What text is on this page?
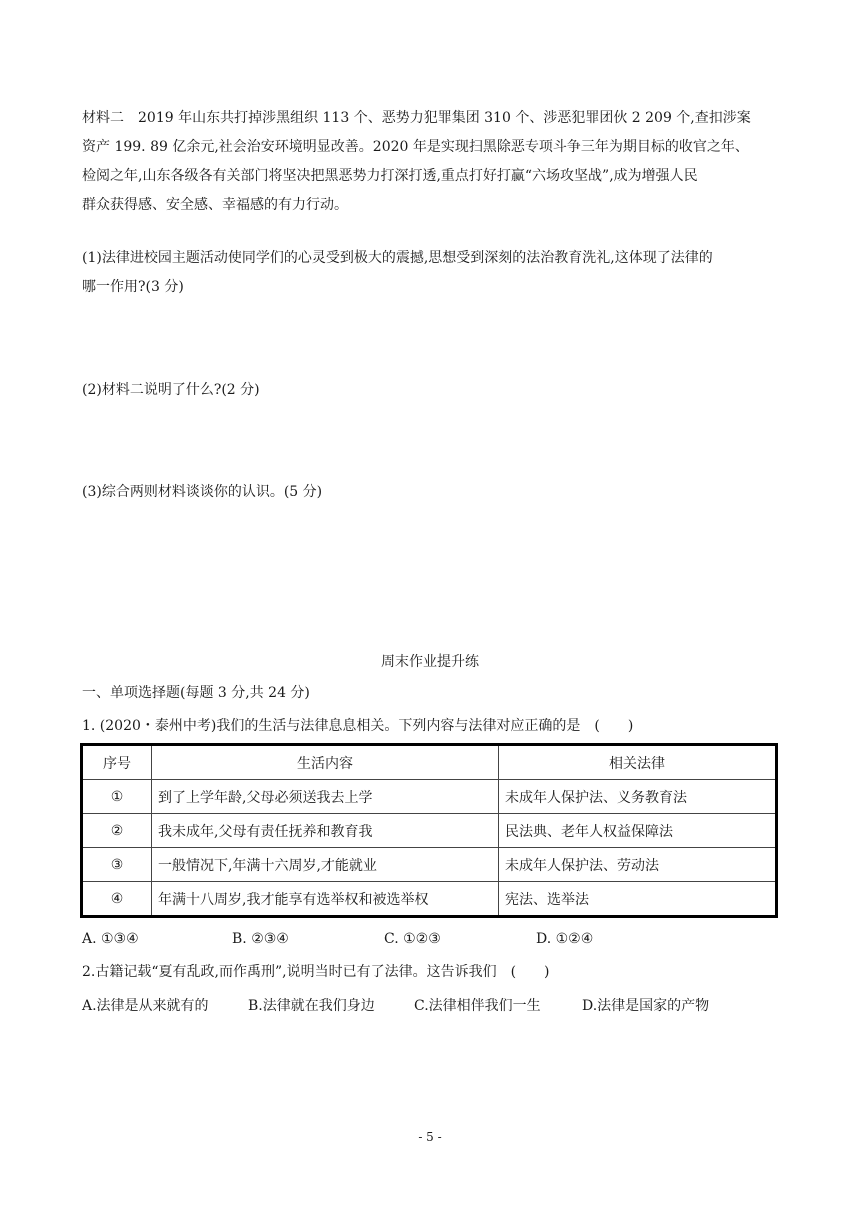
材料二　2019 年山东共打掉涉黑组织 113 个、恶势力犯罪集团 310 个、涉恶犯罪团伙 2 209 个,查扣涉案

资产 199. 89 亿余元,社会治安环境明显改善。2020 年是实现扫黑除恶专项斗争三年为期目标的收官之年、

检阅之年,山东各级各有关部门将坚决把黑恶势力打深打透,重点打好打赢“六场攻坚战”,成为增强人民

群众获得感、安全感、幸福感的有力行动。

(1)法律进校园主题活动使同学们的心灵受到极大的震撼,思想受到深刻的法治教育洗礼,这体现了法律的

哪一作用?(3 分)

(2)材料二说明了什么?(2 分)

(3)综合两则材料谈谈你的认识。(5 分)

周末作业提升练

一、单项选择题(每题 3 分,共 24 分)

1. (2020・泰州中考)我们的生活与法律息息相关。下列内容与法律对应正确的是　(　　)

序号	生活内容	相关法律
①	到了上学年龄,父母必须送我去上学	未成年人保护法、义务教育法
②	我未成年,父母有责任抚养和教育我	民法典、老年人权益保障法
③	一般情况下,年满十六周岁,才能就业	未成年人保护法、劳动法
④	年满十八周岁,我才能享有选举权和被选举权	宪法、选举法
A. ①③④	B. ②③④	C. ①②③	D. ①②④

2.古籍记载“夏有乱政,而作禹刑”,说明当时已有了法律。这告诉我们　(　　)

A.法律是从来就有的	B.法律就在我们身边	C.法律相伴我们一生	D.法律是国家的产物
- 5 -
